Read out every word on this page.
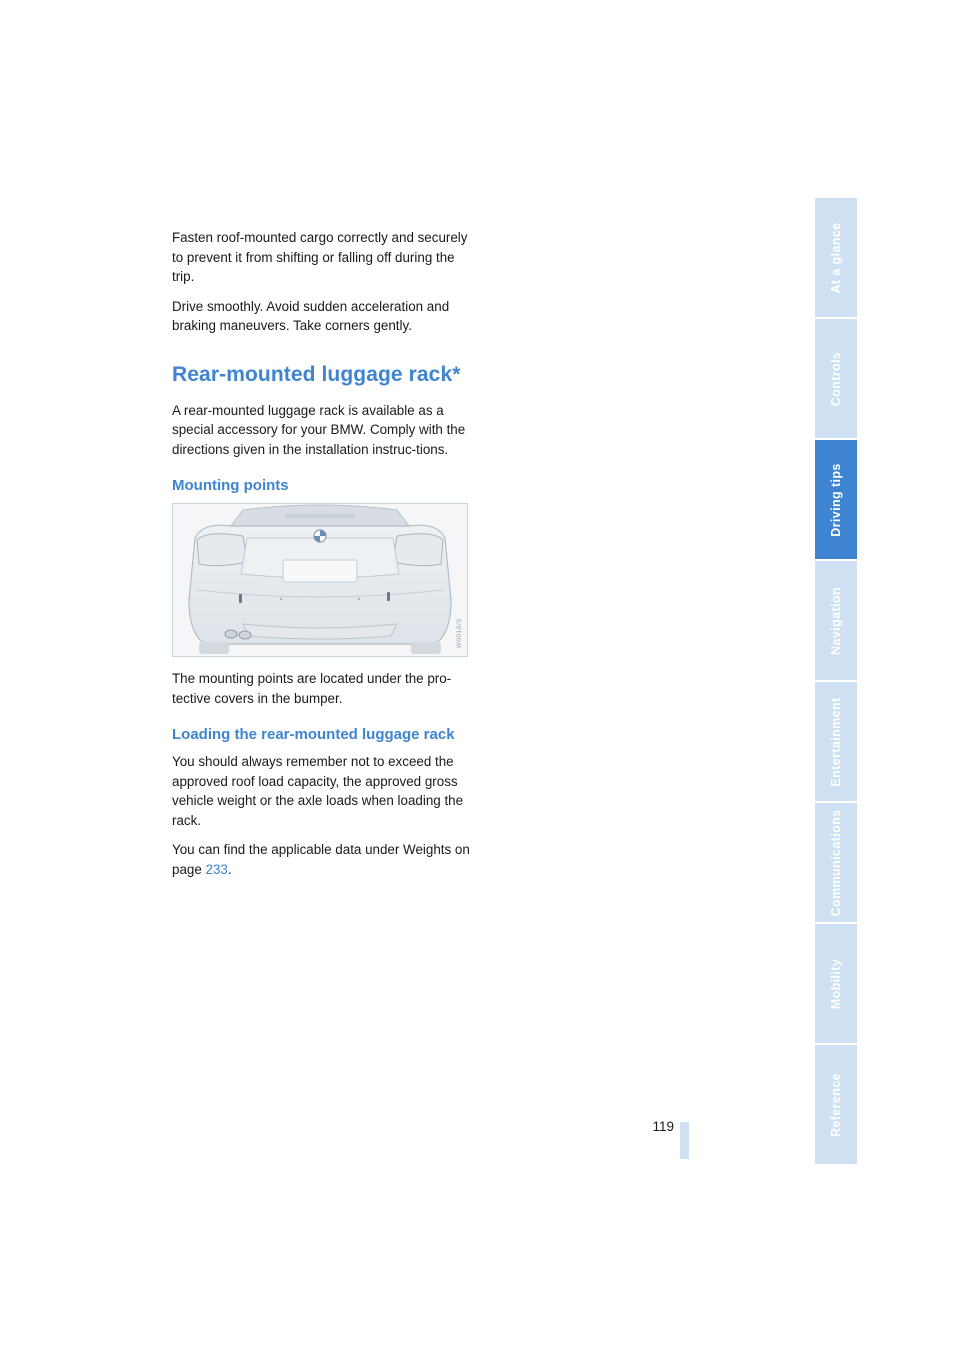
Fasten roof-mounted cargo correctly and securely to prevent it from shifting or falling off during the trip.

Drive smoothly. Avoid sudden acceleration and braking maneuvers. Take corners gently.

Rear-mounted luggage rack*

A rear-mounted luggage rack is available as a special accessory for your BMW. Comply with the directions given in the installation instruc-tions.

Mounting points
W0010/S

The mounting points are located under the pro-tective covers in the bumper.

Loading the rear-mounted luggage rack

You should always remember not to exceed the approved roof load capacity, the approved gross vehicle weight or the axle loads when loading the rack.

You can find the applicable data under Weights on page 233.

119
At a glance
Controls
Driving tips
Navigation
Entertainment
Communications
Mobility
Reference
